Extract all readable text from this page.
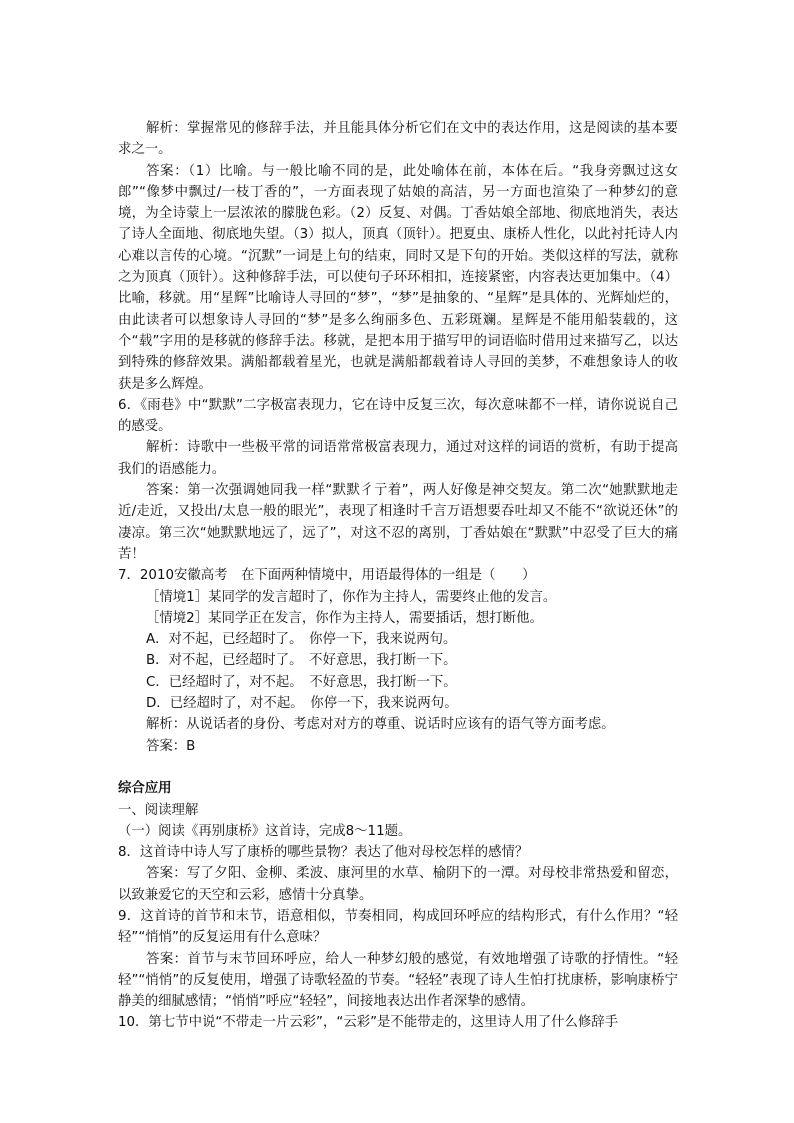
解析：掌握常见的修辞手法，并且能具体分析它们在文中的表达作用，这是阅读的基本要求之一。

答案：（1）比喻。与一般比喻不同的是，此处喻体在前，本体在后。“我身旁飘过这女郎”“像梦中飘过/一枝丁香的”，一方面表现了姑娘的高洁，另一方面也渲染了一种梦幻的意境，为全诗蒙上一层浓浓的朦胧色彩。（2）反复、对偶。丁香姑娘全部地、彻底地消失，表达了诗人全面地、彻底地失望。（3）拟人，顶真（顶针）。把夏虫、康桥人性化，以此衬托诗人内心难以言传的心境。“沉默”一词是上句的结束，同时又是下句的开始。类似这样的写法，就称之为顶真（顶针）。这种修辞手法，可以使句子环环相扣，连接紧密，内容表达更加集中。（4）比喻，移就。用“星辉”比喻诗人寻回的“梦”，“梦”是抽象的、“星辉”是具体的、光辉灿烂的，由此读者可以想象诗人寻回的“梦”是多么绚丽多色、五彩斑斓。星辉是不能用船装载的，这个“载”字用的是移就的修辞手法。移就，是把本用于描写甲的词语临时借用过来描写乙，以达到特殊的修辞效果。满船都载着星光，也就是满船都载着诗人寻回的美梦，不难想象诗人的收获是多么辉煌。

6．《雨巷》中“默默”二字极富表现力，它在诗中反复三次，每次意味都不一样，请你说说自己的感受。

解析：诗歌中一些极平常的词语常常极富表现力，通过对这样的词语的赏析，有助于提高我们的语感能力。

答案：第一次强调她同我一样“默默彳亍着”，两人好像是神交契友。第二次“她默默地走近/走近，又投出/太息一般的眼光”，表现了相逢时千言万语想要吞吐却又不能不“欲说还休”的凄凉。第三次“她默默地远了，远了”，对这不忍的离别，丁香姑娘在“默默”中忍受了巨大的痛苦！

7．2010安徽高考　在下面两种情境中，用语最得体的一组是（　　）

［情境1］某同学的发言超时了，你作为主持人，需要终止他的发言。

［情境2］某同学正在发言，你作为主持人，需要插话，想打断他。

A．对不起，已经超时了。　你停一下，我来说两句。

B．对不起，已经超时了。　不好意思，我打断一下。

C．已经超时了，对不起。　不好意思，我打断一下。

D．已经超时了，对不起。　你停一下，我来说两句。

解析：从说话者的身份、考虑对对方的尊重、说话时应该有的语气等方面考虑。

答案：B

综合应用

一、阅读理解

（一）阅读《再别康桥》这首诗，完成8～11题。

8．这首诗中诗人写了康桥的哪些景物？表达了他对母校怎样的感情？

答案：写了夕阳、金柳、柔波、康河里的水草、榆阴下的一潭。对母校非常热爱和留恋，以致兼爱它的天空和云彩，感情十分真挚。

9．这首诗的首节和末节，语意相似，节奏相同，构成回环呼应的结构形式，有什么作用？“轻轻”“悄悄”的反复运用有什么意味？

答案：首节与末节回环呼应，给人一种梦幻般的感觉，有效地增强了诗歌的抒情性。“轻轻”“悄悄”的反复使用，增强了诗歌轻盈的节奏。“轻轻”表现了诗人生怕打扰康桥，影响康桥宁静美的细腻感情；“悄悄”呼应“轻轻”，间接地表达出作者深挚的感情。

10．第七节中说“不带走一片云彩”，“云彩”是不能带走的，这里诗人用了什么修辞手
